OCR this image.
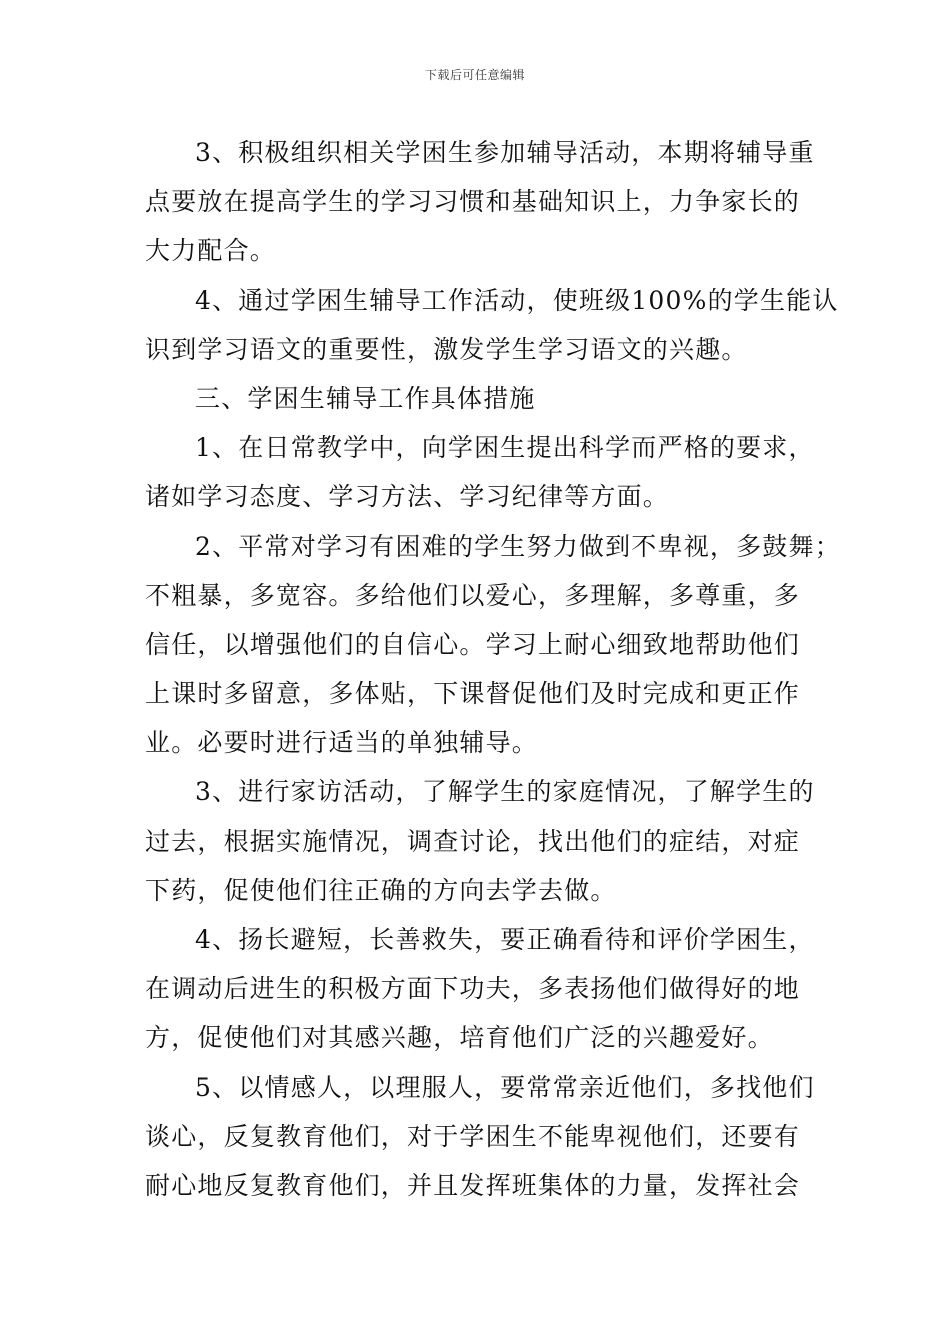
下载后可任意编辑
3、积极组织相关学困生参加辅导活动，本期将辅导重
点要放在提高学生的学习习惯和基础知识上，力争家长的
大力配合。
4、通过学困生辅导工作活动，使班级100%的学生能认
识到学习语文的重要性，激发学生学习语文的兴趣。
三、学困生辅导工作具体措施
1、在日常教学中，向学困生提出科学而严格的要求，
诸如学习态度、学习方法、学习纪律等方面。
2、平常对学习有困难的学生努力做到不卑视，多鼓舞；
不粗暴，多宽容。多给他们以爱心，多理解，多尊重，多
信任，以增强他们的自信心。学习上耐心细致地帮助他们
上课时多留意，多体贴，下课督促他们及时完成和更正作
业。必要时进行适当的单独辅导。
3、进行家访活动，了解学生的家庭情况，了解学生的
过去，根据实施情况，调查讨论，找出他们的症结，对症
下药，促使他们往正确的方向去学去做。
4、扬长避短，长善救失，要正确看待和评价学困生，
在调动后进生的积极方面下功夫，多表扬他们做得好的地
方，促使他们对其感兴趣，培育他们广泛的兴趣爱好。
5、以情感人，以理服人，要常常亲近他们，多找他们
谈心，反复教育他们，对于学困生不能卑视他们，还要有
耐心地反复教育他们，并且发挥班集体的力量，发挥社会
